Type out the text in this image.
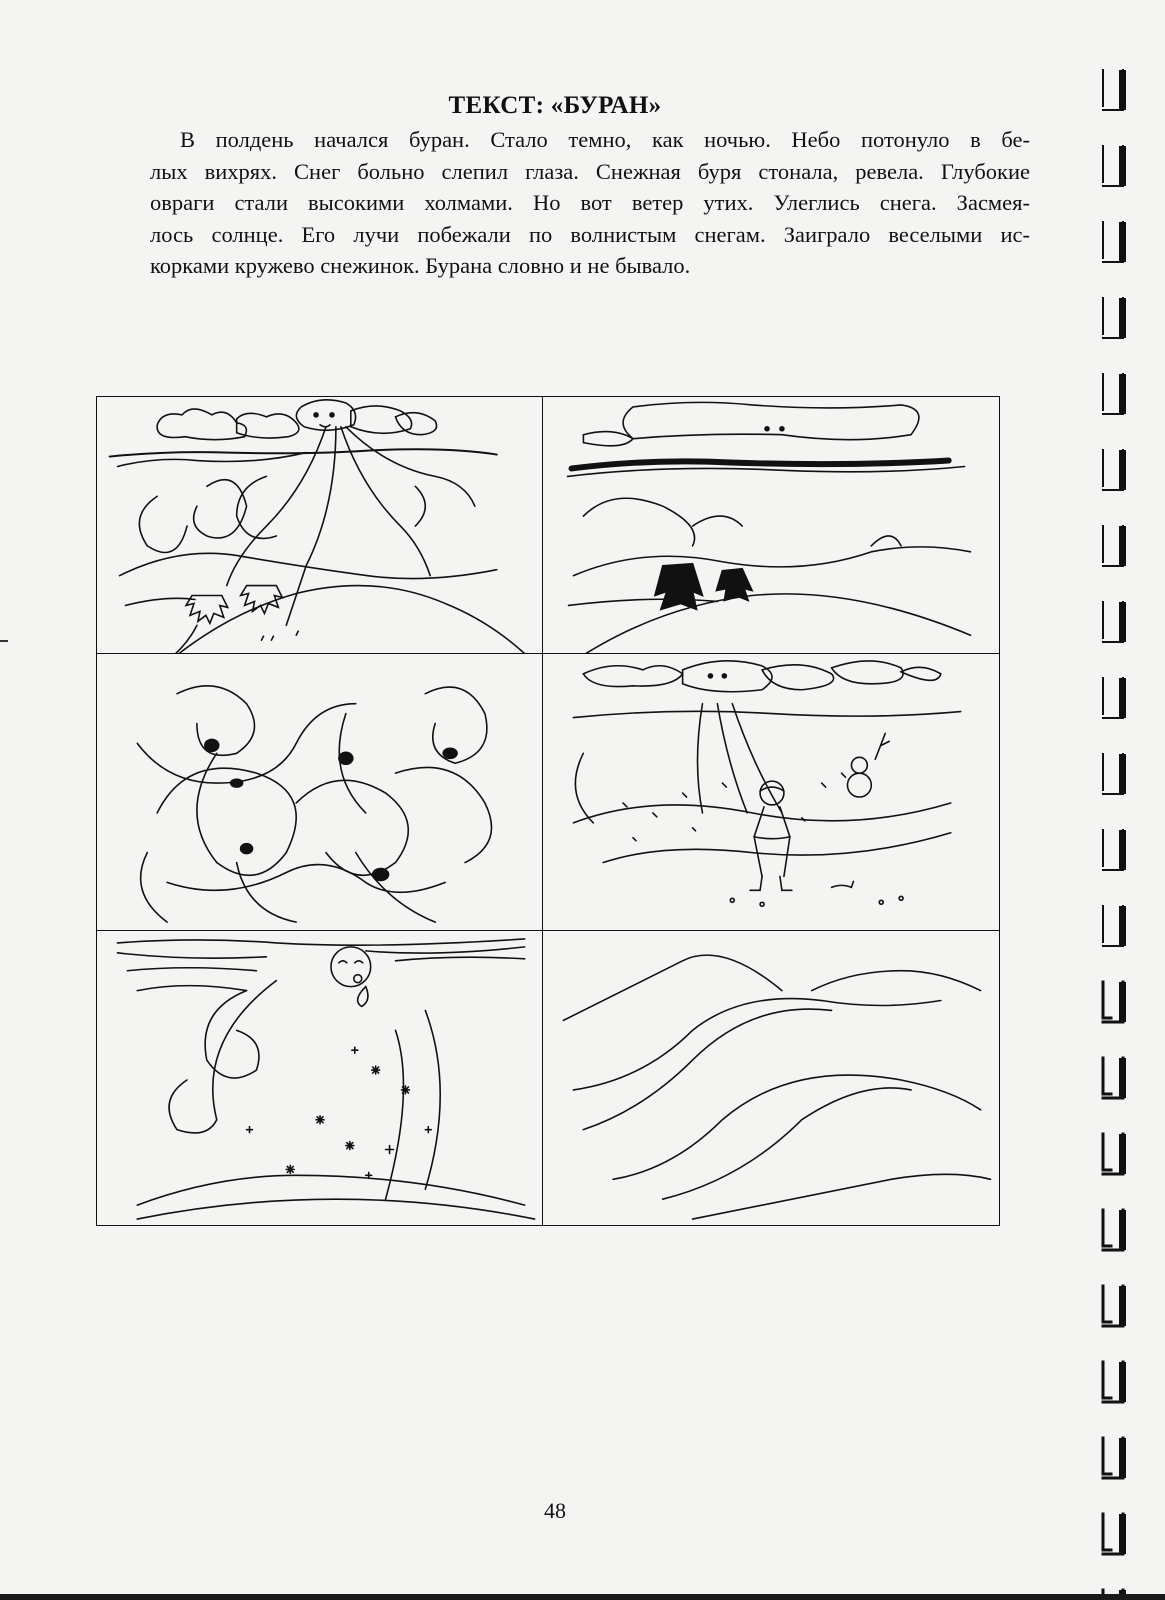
ТЕКСТ: «БУРАН»
В полдень начался буран. Стало темно, как ночью. Небо потонуло в бе-
лых вихрях. Снег больно слепил глаза. Снежная буря стонала, ревела. Глубокие
овраги стали высокими холмами. Но вот ветер утих. Улеглись снега. Засмея-
лось солнце. Его лучи побежали по волнистым снегам. Заиграло веселыми ис-
корками кружево снежинок. Бурана словно и не бывало.
48
